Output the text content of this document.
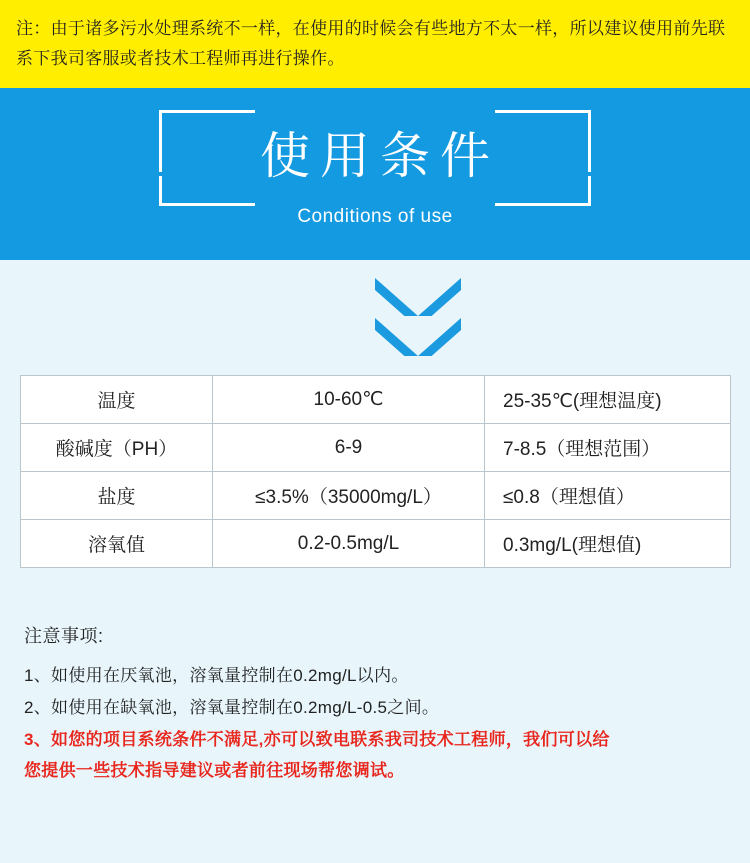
注：由于诸多污水处理系统不一样，在使用的时候会有些地方不太一样，所以建议使用前先联系下我司客服或者技术工程师再进行操作。
使用条件
Conditions of use
温度	10-60℃	25-35℃(理想温度)
酸碱度（PH）	6-9	7-8.5（理想范围）
盐度	≤3.5%（35000mg/L）	≤0.8（理想值）
溶氧值	0.2-0.5mg/L	0.3mg/L(理想值)
注意事项:
1、如使用在厌氧池，溶氧量控制在0.2mg/L以内。
2、如使用在缺氧池，溶氧量控制在0.2mg/L-0.5之间。
3、如您的项目系统条件不满足,亦可以致电联系我司技术工程师，我们可以给
您提供一些技术指导建议或者前往现场帮您调试。
